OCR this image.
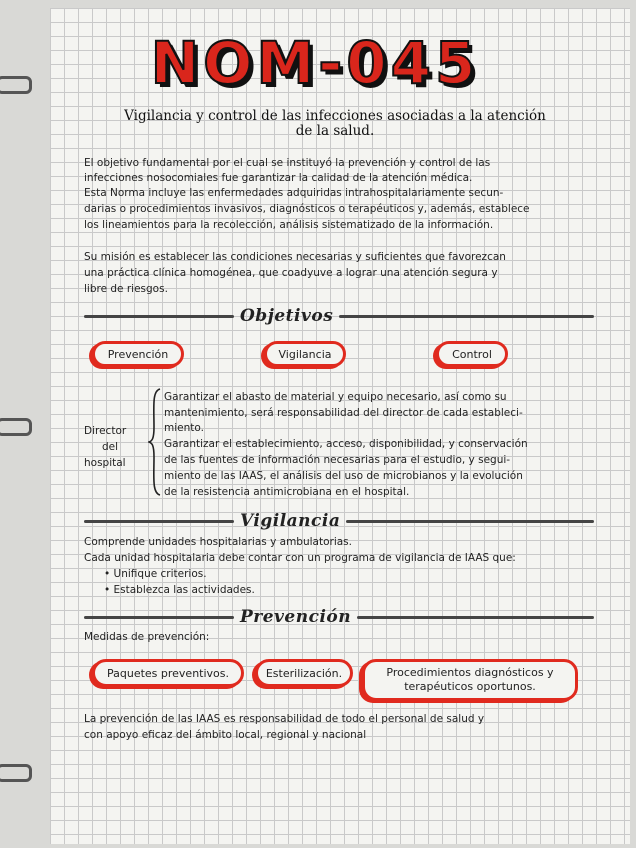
NOM-045
Vigilancia y control de las infecciones asociadas a la atención
de la salud.
El objetivo fundamental por el cual se instituyó la prevención y control de las
infecciones nosocomiales fue garantizar la calidad de la atención médica.
Esta Norma incluye las enfermedades adquiridas intrahospitalariamente secun-
darias o procedimientos invasivos, diagnósticos o terapéuticos y, además, establece
los lineamientos para la recolección, análisis sistematizado de la información.
Su misión es establecer las condiciones necesarias y suficientes que favorezcan
una práctica clínica homogénea, que coadyuve a lograr una atención segura y
libre de riesgos.
Objetivos
Prevención	Vigilancia	Control
Director
del
hospital
Garantizar el abasto de material y equipo necesario, así como su
mantenimiento, será responsabilidad del director de cada estableci-
miento.
Garantizar el establecimiento, acceso, disponibilidad, y conservación
de las fuentes de información necesarias para el estudio, y segui-
miento de las IAAS, el análisis del uso de microbianos y la evolución
de la resistencia antimicrobiana en el hospital.
Vigilancia
Comprende unidades hospitalarias y ambulatorias.
Cada unidad hospitalaria debe contar con un programa de vigilancia de IAAS que:
• Unifique criterios.
• Establezca las actividades.
Prevención
Medidas de prevención:
Paquetes preventivos.	Esterilización.	Procedimientos diagnósticos y
terapéuticos oportunos.
La prevención de las IAAS es responsabilidad de todo el personal de salud y
con apoyo eficaz del ámbito local, regional y nacional
